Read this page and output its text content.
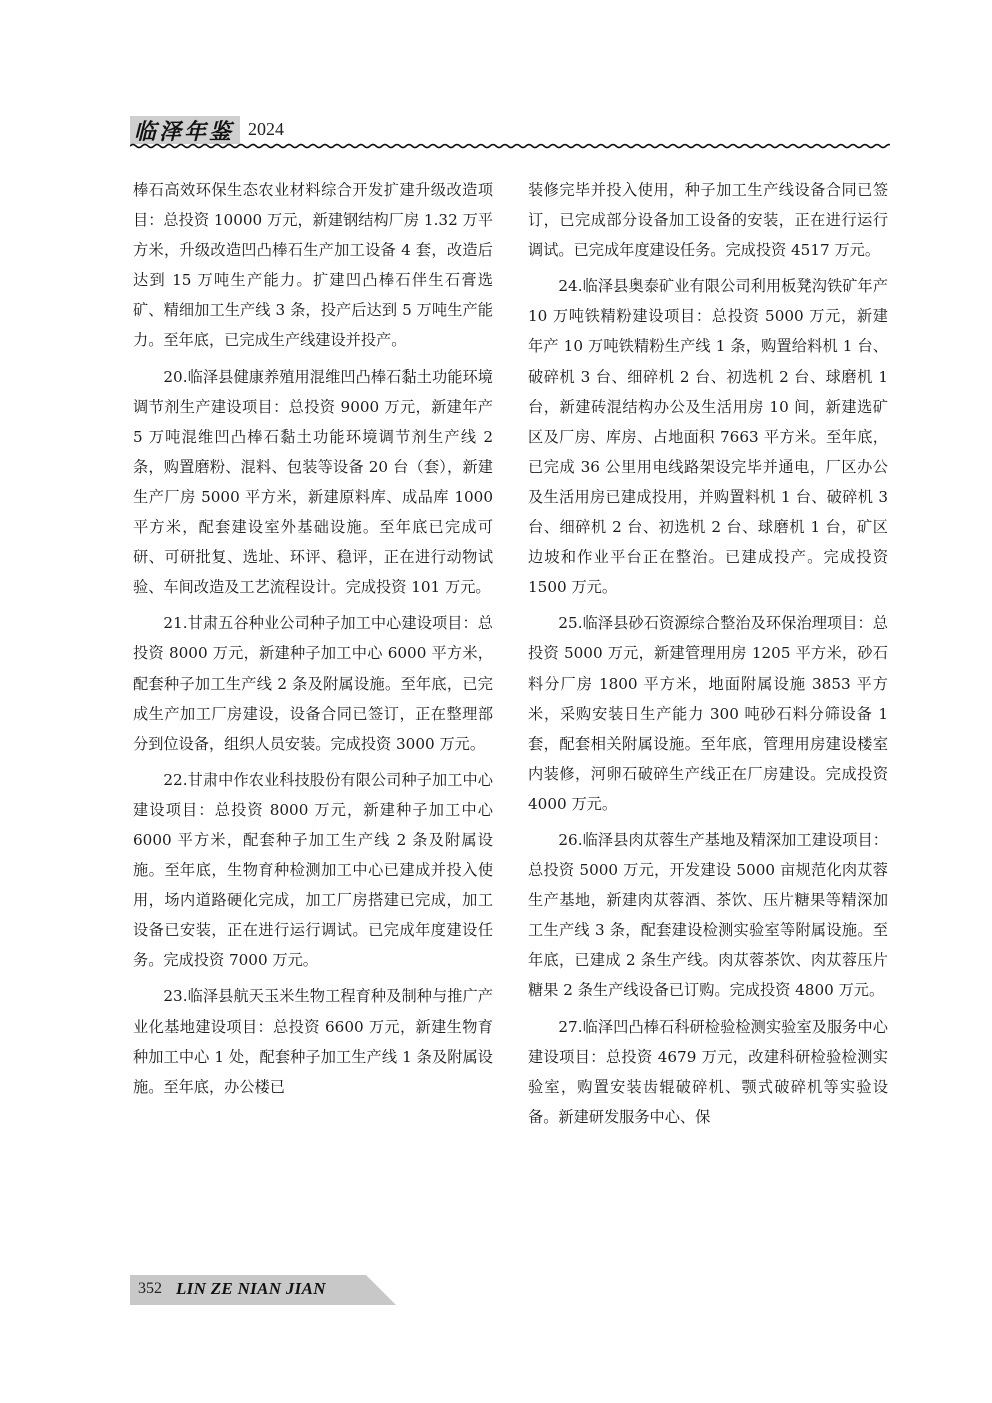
临泽年鉴 2024

棒石高效环保生态农业材料综合开发扩建升级改造项目：总投资 10000 万元，新建钢结构厂房 1.32 万平方米，升级改造凹凸棒石生产加工设备 4 套，改造后达到 15 万吨生产能力。扩建凹凸棒石伴生石膏选矿、精细加工生产线 3 条，投产后达到 5 万吨生产能力。至年底，已完成生产线建设并投产。

20.临泽县健康养殖用混维凹凸棒石黏土功能环境调节剂生产建设项目：总投资 9000 万元，新建年产 5 万吨混维凹凸棒石黏土功能环境调节剂生产线 2 条，购置磨粉、混料、包装等设备 20 台（套），新建生产厂房 5000 平方米，新建原料库、成品库 1000 平方米，配套建设室外基础设施。至年底已完成可研、可研批复、选址、环评、稳评，正在进行动物试验、车间改造及工艺流程设计。完成投资 101 万元。

21.甘肃五谷种业公司种子加工中心建设项目：总投资 8000 万元，新建种子加工中心 6000 平方米，配套种子加工生产线 2 条及附属设施。至年底，已完成生产加工厂房建设，设备合同已签订，正在整理部分到位设备，组织人员安装。完成投资 3000 万元。

22.甘肃中作农业科技股份有限公司种子加工中心建设项目：总投资 8000 万元，新建种子加工中心 6000 平方米，配套种子加工生产线 2 条及附属设施。至年底，生物育种检测加工中心已建成并投入使用，场内道路硬化完成，加工厂房搭建已完成，加工设备已安装，正在进行运行调试。已完成年度建设任务。完成投资 7000 万元。

23.临泽县航天玉米生物工程育种及制种与推广产业化基地建设项目：总投资 6600 万元，新建生物育种加工中心 1 处，配套种子加工生产线 1 条及附属设施。至年底，办公楼已

装修完毕并投入使用，种子加工生产线设备合同已签订，已完成部分设备加工设备的安装，正在进行运行调试。已完成年度建设任务。完成投资 4517 万元。

24.临泽县奥泰矿业有限公司利用板凳沟铁矿年产 10 万吨铁精粉建设项目：总投资 5000 万元，新建年产 10 万吨铁精粉生产线 1 条，购置给料机 1 台、破碎机 3 台、细碎机 2 台、初选机 2 台、球磨机 1 台，新建砖混结构办公及生活用房 10 间，新建选矿区及厂房、库房、占地面积 7663 平方米。至年底，已完成 36 公里用电线路架设完毕并通电，厂区办公及生活用房已建成投用，并购置料机 1 台、破碎机 3 台、细碎机 2 台、初选机 2 台、球磨机 1 台，矿区边坡和作业平台正在整治。已建成投产。完成投资 1500 万元。

25.临泽县砂石资源综合整治及环保治理项目：总投资 5000 万元，新建管理用房 1205 平方米，砂石料分厂房 1800 平方米，地面附属设施 3853 平方米，采购安装日生产能力 300 吨砂石料分筛设备 1 套，配套相关附属设施。至年底，管理用房建设楼室内装修，河卵石破碎生产线正在厂房建设。完成投资 4000 万元。

26.临泽县肉苁蓉生产基地及精深加工建设项目：总投资 5000 万元，开发建设 5000 亩规范化肉苁蓉生产基地，新建肉苁蓉酒、茶饮、压片糖果等精深加工生产线 3 条，配套建设检测实验室等附属设施。至年底，已建成 2 条生产线。肉苁蓉茶饮、肉苁蓉压片糖果 2 条生产线设备已订购。完成投资 4800 万元。

27.临泽凹凸棒石科研检验检测实验室及服务中心建设项目：总投资 4679 万元，改建科研检验检测实验室，购置安装齿辊破碎机、颚式破碎机等实验设备。新建研发服务中心、保

352 LIN ZE NIAN JIAN
